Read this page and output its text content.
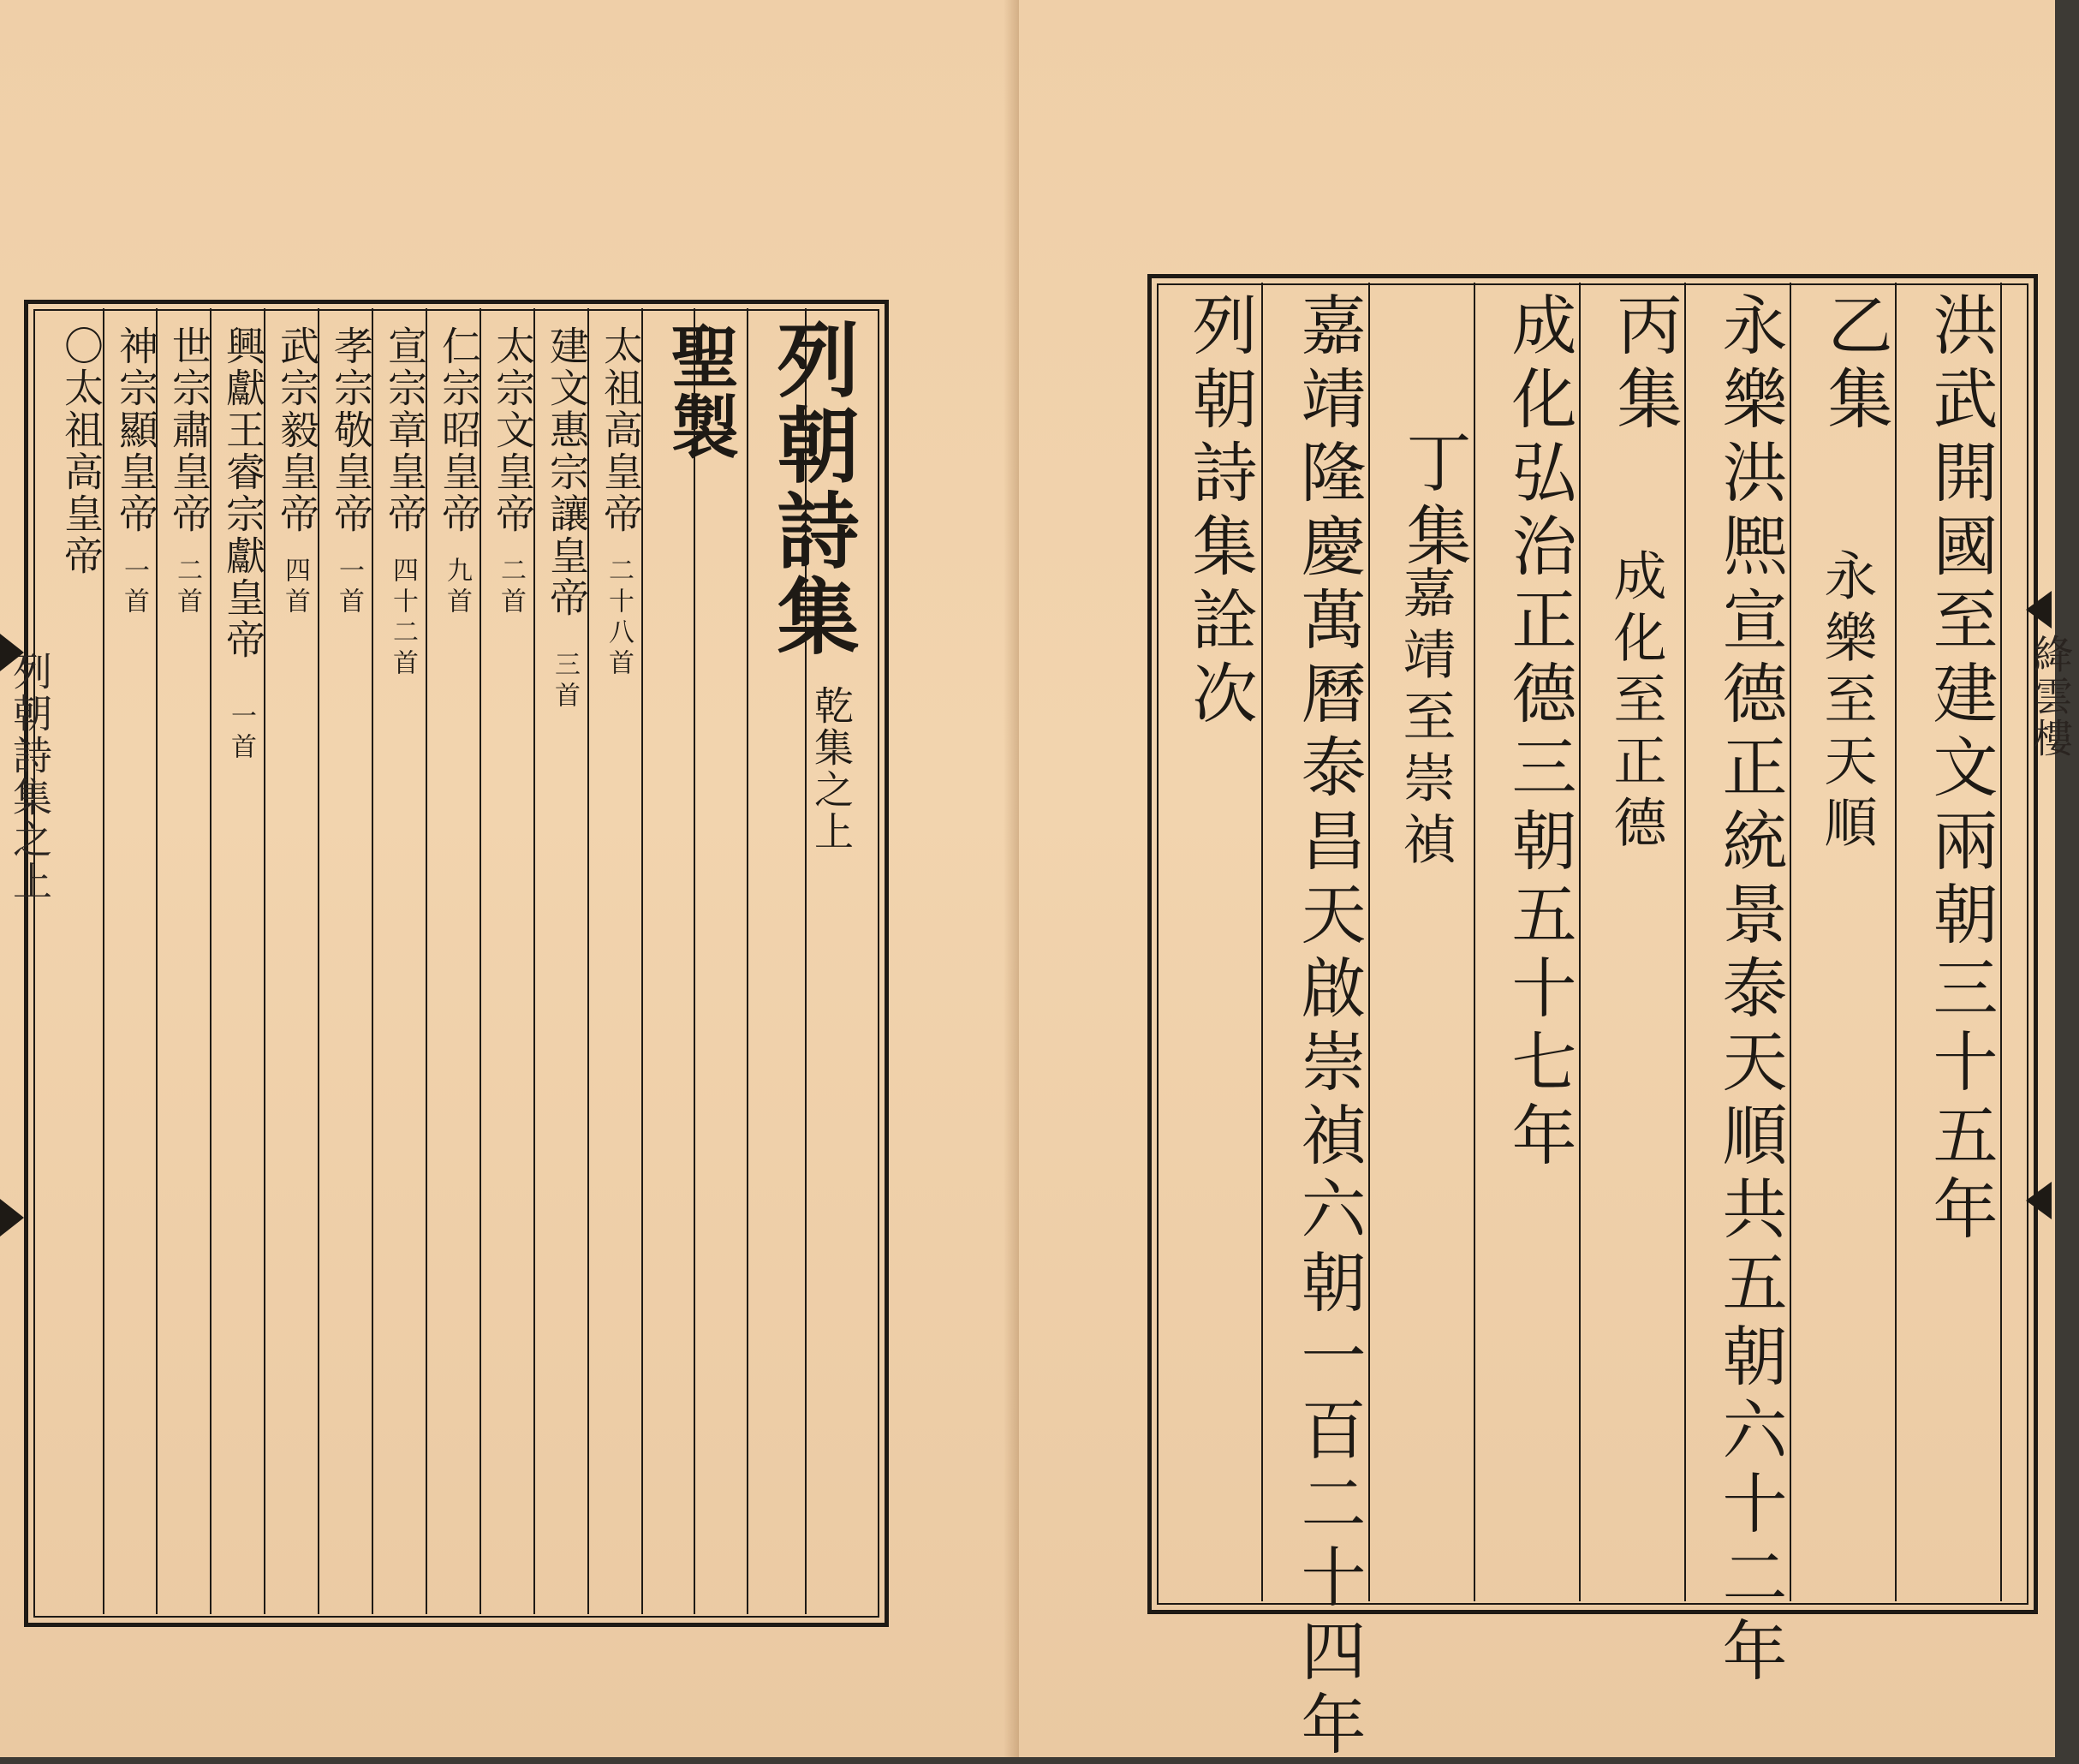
列朝詩集
乾集之上
聖製
太祖高皇帝
二十八首
建文惠宗讓皇帝
三首
太宗文皇帝
二首
仁宗昭皇帝
九首
宣宗章皇帝
四十二首
孝宗敬皇帝
一首
武宗毅皇帝
四首
興獻王睿宗獻皇帝
一首
世宗肅皇帝
二首
神宗顯皇帝
一首
〇太祖高皇帝
列朝詩集之上	洪武開國至建文兩朝三十五年
乙集
永樂至天順
永樂洪熈宣德正統景泰天順共五朝六十二年
丙集
成化至正德
成化弘治正德三朝五十七年
丁集
嘉靖至崇禎
嘉靖隆慶萬曆泰昌天啟崇禎六朝一百二十四年
列朝詩集詮次	絳雲樓
